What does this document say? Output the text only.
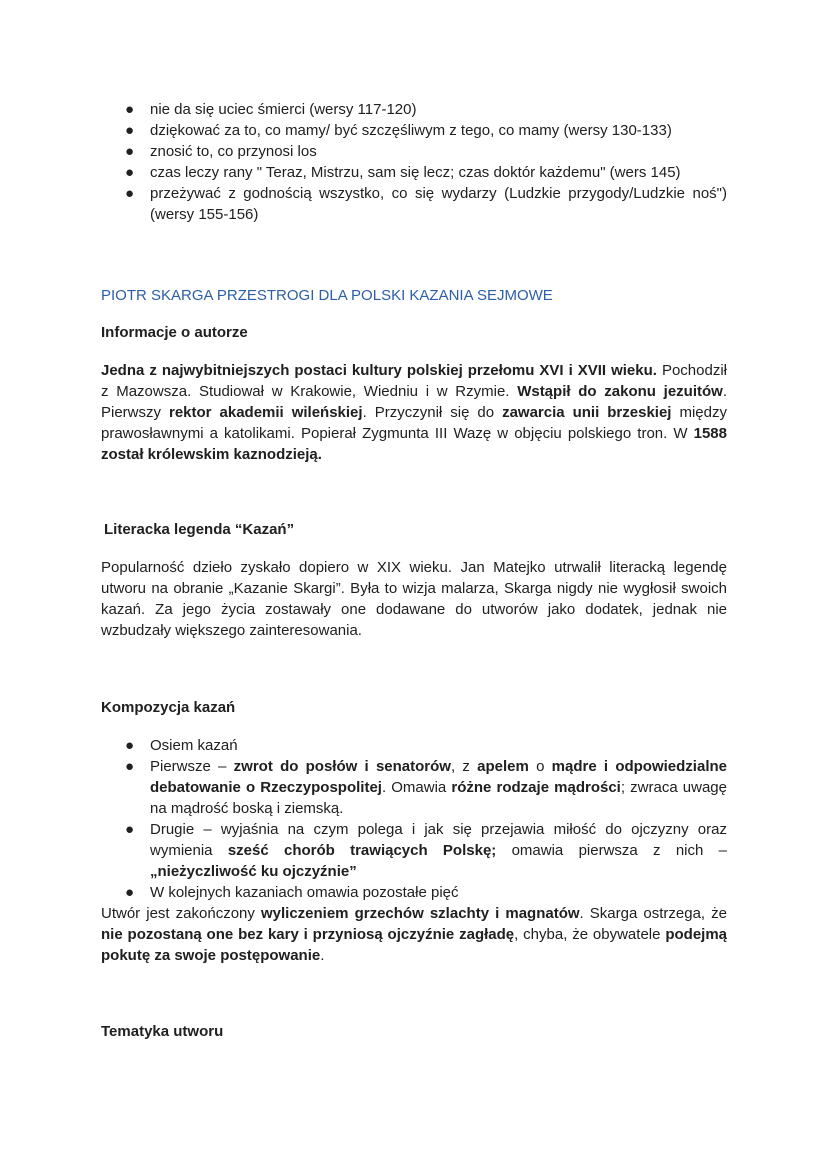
● nie da się uciec śmierci (wersy 117-120)
● dziękować za to, co mamy/ być szczęśliwym z tego, co mamy (wersy 130-133)
● znosić to, co przynosi los
● czas leczy rany " Teraz, Mistrzu, sam się lecz; czas doktór każdemu" (wers 145)
● przeżywać z godnością wszystko, co się wydarzy (Ludzkie przygody/Ludzkie noś") (wersy 155-156)
PIOTR SKARGA PRZESTROGI DLA POLSKI KAZANIA SEJMOWE
Informacje o autorze
Jedna z najwybitniejszych postaci kultury polskiej przełomu XVI i XVII wieku. Pochodził z Mazowsza. Studiował w Krakowie, Wiedniu i w Rzymie. Wstąpił do zakonu jezuitów. Pierwszy rektor akademii wileńskiej. Przyczynił się do zawarcia unii brzeskiej między prawosławnymi a katolikami. Popierał Zygmunta III Wazę w objęciu polskiego tron. W 1588 został królewskim kaznodzieją.
Literacka legenda “Kazań”
Popularność dzieło zyskało dopiero w XIX wieku. Jan Matejko utrwalił literacką legendę utworu na obranie „Kazanie Skargi”. Była to wizja malarza, Skarga nigdy nie wygłosił swoich kazań. Za jego życia zostawały one dodawane do utworów jako dodatek, jednak nie wzbudzały większego zainteresowania.
Kompozycja kazań
● Osiem kazań
● Pierwsze – zwrot do posłów i senatorów, z apelem o mądre i odpowiedzialne debatowanie o Rzeczypospolitej. Omawia różne rodzaje mądrości; zwraca uwagę na mądrość boską i ziemską.
● Drugie – wyjaśnia na czym polega i jak się przejawia miłość do ojczyzny oraz wymienia sześć chorób trawiących Polskę; omawia pierwsza z nich – „nieżyczliwość ku ojczyźnie”
● W kolejnych kazaniach omawia pozostałe pięć
Utwór jest zakończony wyliczeniem grzechów szlachty i magnatów. Skarga ostrzega, że nie pozostaną one bez kary i przyniosą ojczyźnie zagładę, chyba, że obywatele podejmą pokutę za swoje postępowanie.
Tematyka utworu
